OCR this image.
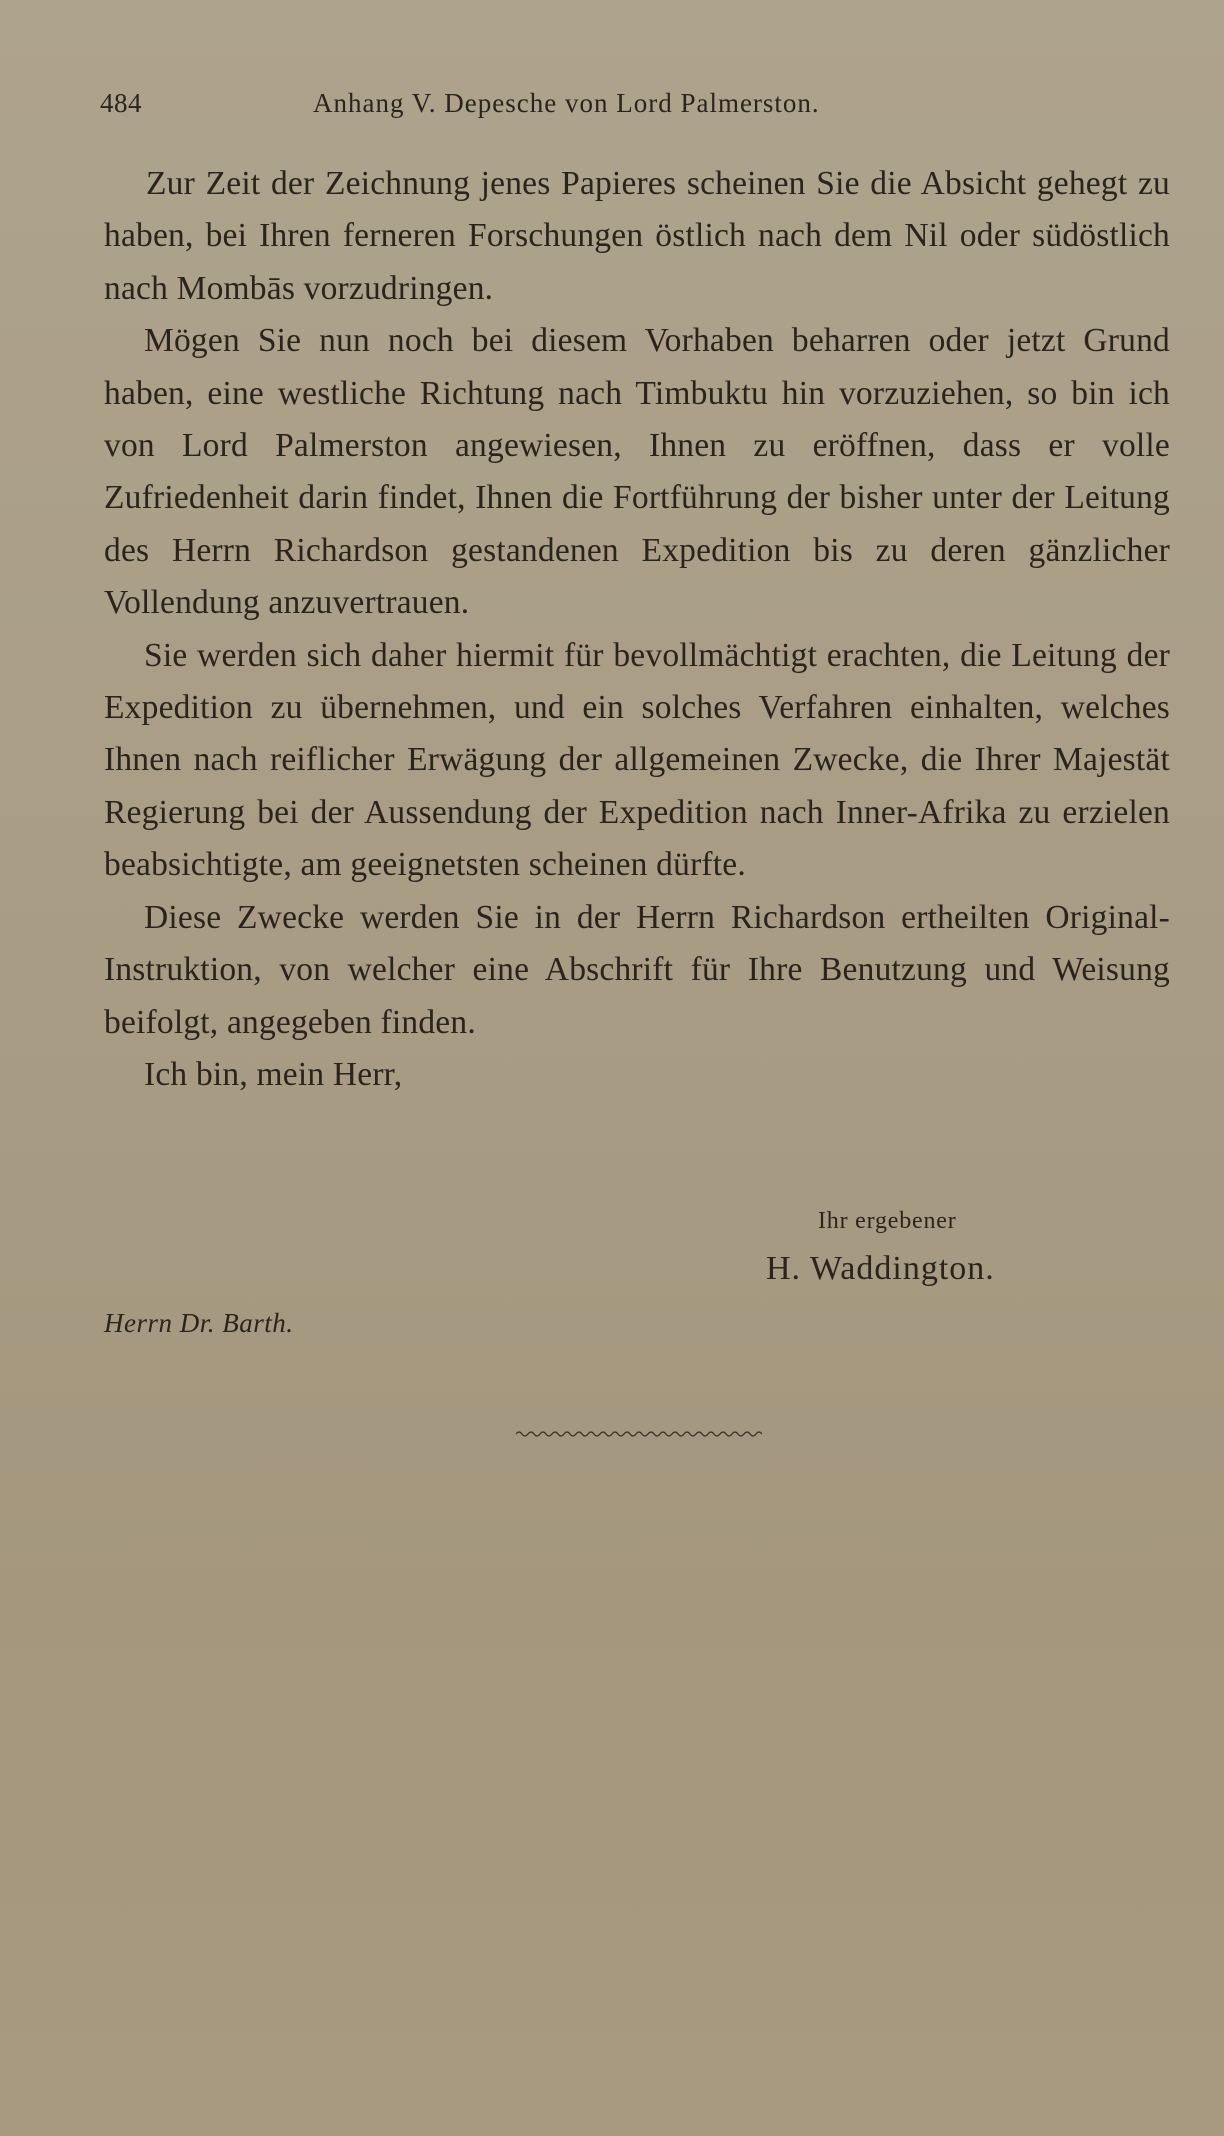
484	Anhang V. Depesche von Lord Palmerston.

Zur Zeit der Zeichnung jenes Papieres scheinen Sie die Absicht gehegt zu haben, bei Ihren ferneren Forschungen östlich nach dem Nil oder südöstlich nach Mombās vorzudringen.

Mögen Sie nun noch bei diesem Vorhaben beharren oder jetzt Grund haben, eine westliche Richtung nach Timbuktu hin vorzuziehen, so bin ich von Lord Palmerston angewiesen, Ihnen zu eröffnen, dass er volle Zufriedenheit darin findet, Ihnen die Fortführung der bisher unter der Leitung des Herrn Richardson gestandenen Expedition bis zu deren gänzlicher Vollendung anzuvertrauen.

Sie werden sich daher hiermit für bevollmächtigt erachten, die Leitung der Expedition zu übernehmen, und ein solches Verfahren einhalten, welches Ihnen nach reiflicher Erwägung der allgemeinen Zwecke, die Ihrer Majestät Regierung bei der Aussendung der Expedition nach Inner-Afrika zu erzielen beabsichtigte, am geeignetsten scheinen dürfte.

Diese Zwecke werden Sie in der Herrn Richardson ertheilten Original-Instruktion, von welcher eine Abschrift für Ihre Benutzung und Weisung beifolgt, angegeben finden.

Ich bin, mein Herr,

Ihr ergebener
H. Waddington.
Herrn Dr. Barth.
